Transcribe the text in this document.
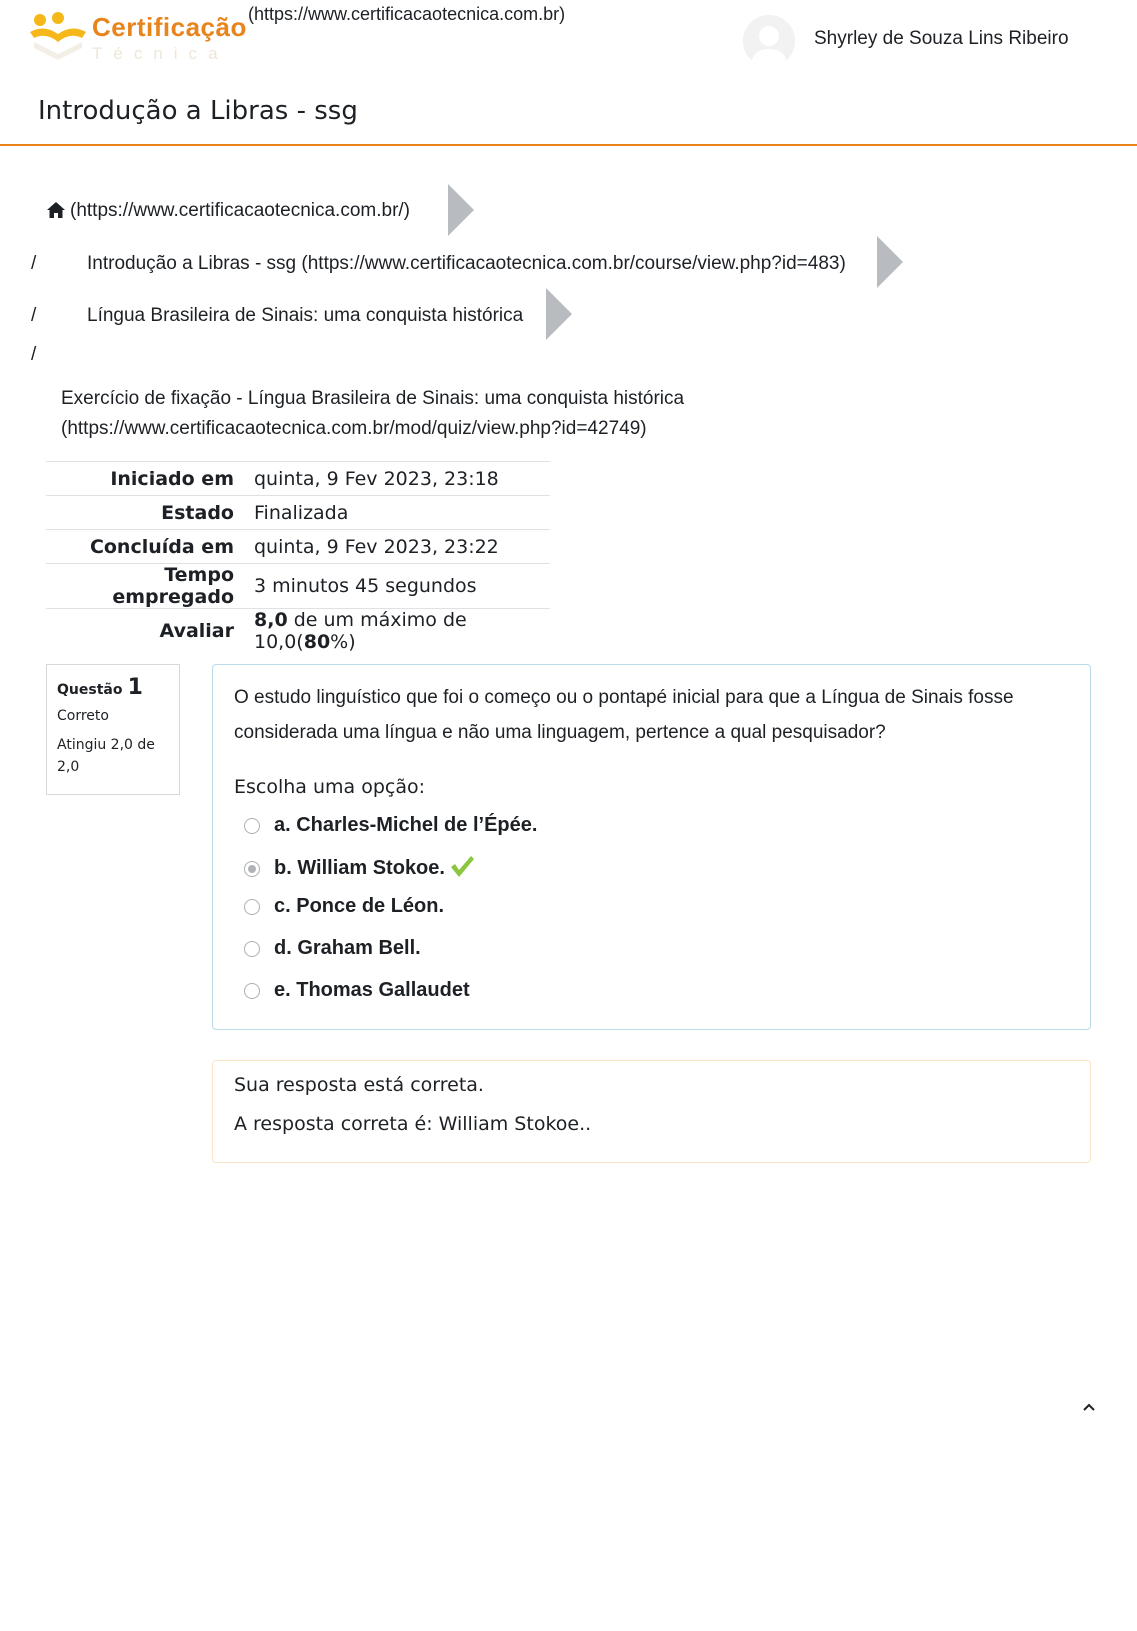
Certificação
Técnica
(https://www.certificacaotecnica.com.br)
Shyrley de Souza Lins Ribeiro
Introdução a Libras - ssg
(https://www.certificacaotecnica.com.br/)
/	Introdução a Libras - ssg (https://www.certificacaotecnica.com.br/course/view.php?id=483)
/	Língua Brasileira de Sinais: uma conquista histórica
/
Exercício de fixação - Língua Brasileira de Sinais: uma conquista histórica
(https://www.certificacaotecnica.com.br/mod/quiz/view.php?id=42749)
Iniciado em	quinta, 9 Fev 2023, 23:18
Estado	Finalizada
Concluída em	quinta, 9 Fev 2023, 23:22
Tempo empregado	3 minutos 45 segundos
Avaliar	8,0 de um máximo de 10,0(80%)
Questão 1
Correto
Atingiu 2,0 de 2,0
O estudo linguístico que foi o começo ou o pontapé inicial para que a Língua de Sinais fosse considerada uma língua e não uma linguagem, pertence a qual pesquisador?
Escolha uma opção:
a. Charles-Michel de l’Épée.
b. William Stokoe.
c. Ponce de Léon.
d. Graham Bell.
e. Thomas Gallaudet
Sua resposta está correta.
A resposta correta é: William Stokoe..
